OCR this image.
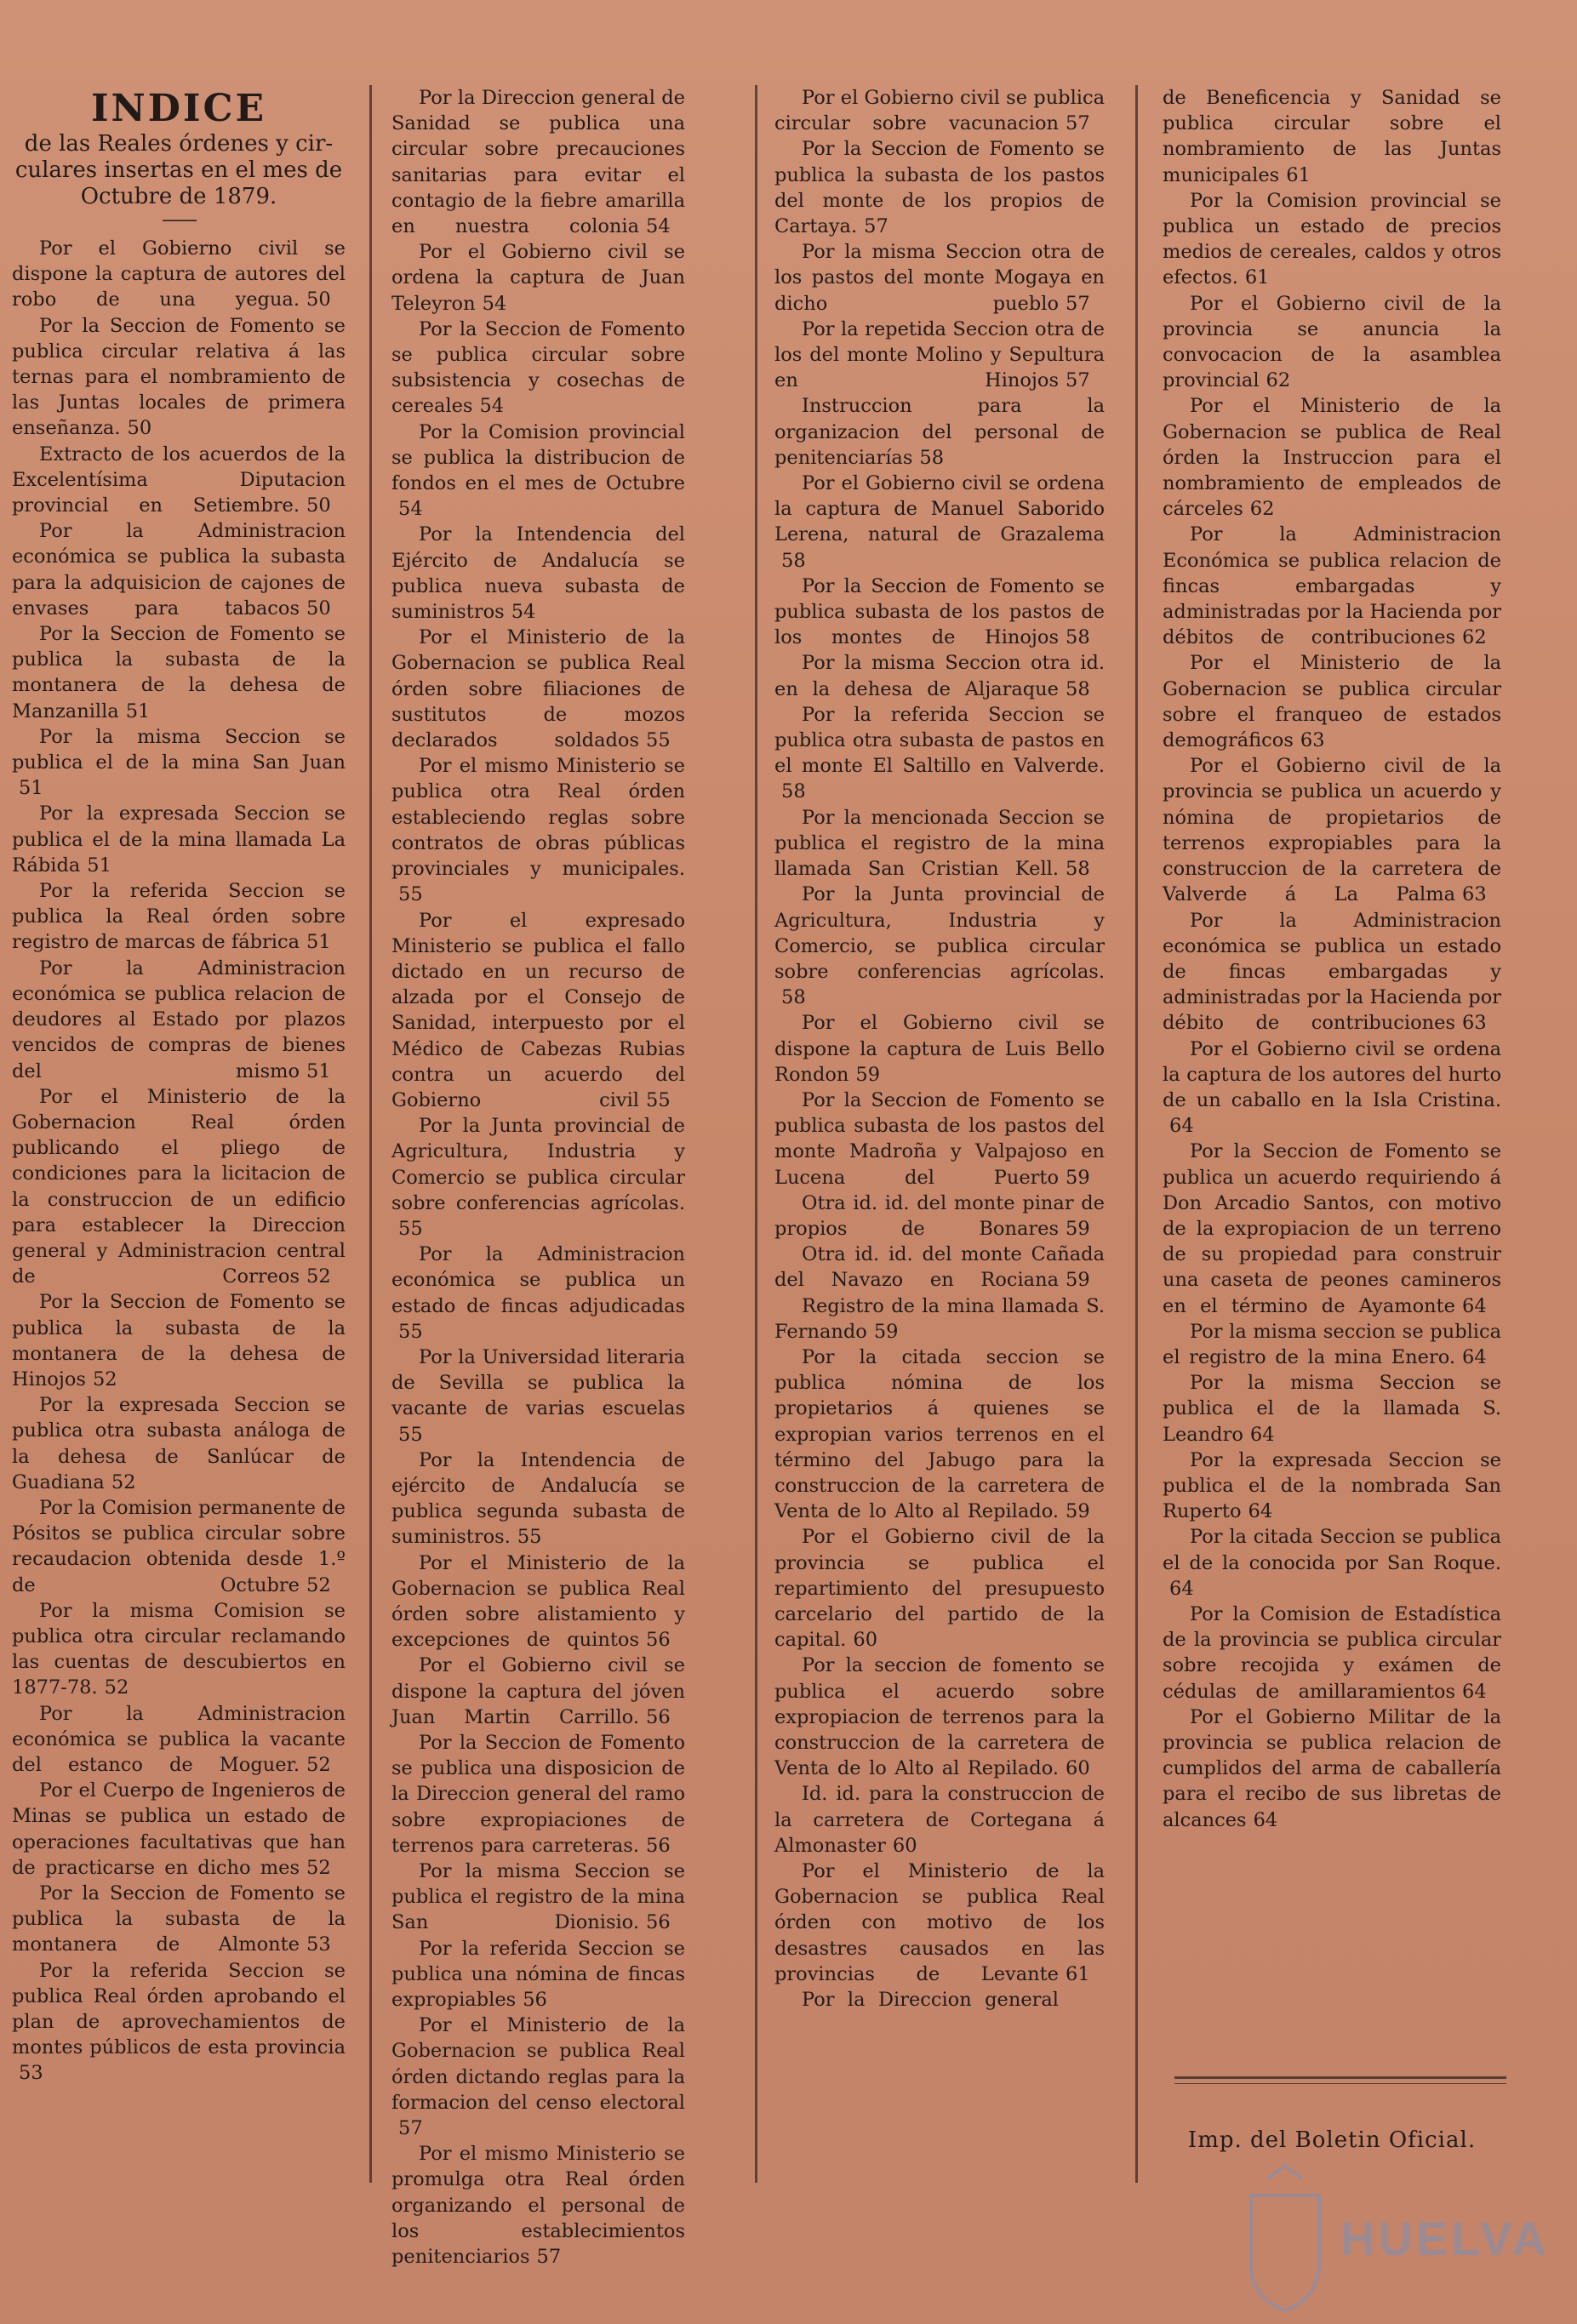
INDICE
de las Reales órdenes y cir-
culares insertas en el mes de
Octubre de 1879.
——
Por el Gobierno civil se dispone la captura de autores del robo de una yegua. 50
Por la Seccion de Fomento se publica circular relativa á las ternas para el nombramiento de las Juntas locales de primera enseñanza. 50
Extracto de los acuerdos de la Excelentísima Diputacion provincial en Setiembre. 50
Por la Administracion económica se publica la subasta para la adquisicion de cajones de envases para tabacos 50
Por la Seccion de Fomento se publica la subasta de la montanera de la dehesa de Manzanilla 51
Por la misma Seccion se publica el de la mina San Juan51
Por la expresada Seccion se publica el de la mina llamada La Rábida 51
Por la referida Seccion se publica la Real órden sobre registro de marcas de fábrica 51
Por la Administracion económica se publica relacion de deudores al Estado por plazos vencidos de compras de bienes del mismo 51
Por el Ministerio de la Gobernacion Real órden publicando el pliego de condiciones para la licitacion de la construccion de un edificio para establecer la Direccion general y Administracion central de Correos 52
Por la Seccion de Fomento se publica la subasta de la montanera de la dehesa de Hinojos 52
Por la expresada Seccion se publica otra subasta análoga de la dehesa de Sanlúcar de Guadiana 52
Por la Comision permanente de Pósitos se publica circular sobre recaudacion obtenida desde 1.º de Octubre 52
Por la misma Comision se publica otra circular reclamando las cuentas de descubiertos en 1877-78. 52
Por la Administracion económica se publica la vacante del estanco de Moguer. 52
Por el Cuerpo de Ingenieros de Minas se publica un estado de operaciones facultativas que han de practicarse en dicho mes 52
Por la Seccion de Fomento se publica la subasta de la montanera de Almonte 53
Por la referida Seccion se publica Real órden aprobando el plan de aprovechamientos de montes públicos de esta provincia53
Por la Direccion general de Sanidad se publica una circular sobre precauciones sanitarias para evitar el contagio de la fiebre amarilla en nuestra colonia 54
Por el Gobierno civil se ordena la captura de Juan Teleyron 54
Por la Seccion de Fomento se publica circular sobre subsistencia y cosechas de cereales 54
Por la Comision provincial se publica la distribucion de fondos en el mes de Octubre54
Por la Intendencia del Ejército de Andalucía se publica nueva subasta de suministros 54
Por el Ministerio de la Gobernacion se publica Real órden sobre filiaciones de sustitutos de mozos declarados soldados 55
Por el mismo Ministerio se publica otra Real órden estableciendo reglas sobre contratos de obras públicas provinciales y municipales.55
Por el expresado Ministerio se publica el fallo dictado en un recurso de alzada por el Consejo de Sanidad, interpuesto por el Médico de Cabezas Rubias contra un acuerdo del Gobierno civil 55
Por la Junta provincial de Agricultura, Industria y Comercio se publica circular sobre conferencias agrícolas.55
Por la Administracion económica se publica un estado de fincas adjudicadas55
Por la Universidad literaria de Sevilla se publica la vacante de varias escuelas55
Por la Intendencia de ejército de Andalucía se publica segunda subasta de suministros. 55
Por el Ministerio de la Gobernacion se publica Real órden sobre alistamiento y excepciones de quintos 56
Por el Gobierno civil se dispone la captura del jóven Juan Martin Carrillo. 56
Por la Seccion de Fomento se publica una disposicion de la Direccion general del ramo sobre expropiaciones de terrenos para carreteras. 56
Por la misma Seccion se publica el registro de la mina San Dionisio. 56
Por la referida Seccion se publica una nómina de fincas expropiables 56
Por el Ministerio de la Gobernacion se publica Real órden dictando reglas para la formacion del censo electoral57
Por el mismo Ministerio se promulga otra Real órden organizando el personal de los establecimientos penitenciarios 57
Por el Gobierno civil se publica circular sobre vacunacion 57
Por la Seccion de Fomento se publica la subasta de los pastos del monte de los propios de Cartaya. 57
Por la misma Seccion otra de los pastos del monte Mogaya en dicho pueblo 57
Por la repetida Seccion otra de los del monte Molino y Sepultura en Hinojos 57
Instruccion para la organizacion del personal de penitenciarías 58
Por el Gobierno civil se ordena la captura de Manuel Saborido Lerena, natural de Grazalema58
Por la Seccion de Fomento se publica subasta de los pastos de los montes de Hinojos 58
Por la misma Seccion otra id. en la dehesa de Aljaraque 58
Por la referida Seccion se publica otra subasta de pastos en el monte El Saltillo en Valverde.58
Por la mencionada Seccion se publica el registro de la mina llamada San Cristian Kell. 58
Por la Junta provincial de Agricultura, Industria y Comercio, se publica circular sobre conferencias agrícolas.58
Por el Gobierno civil se dispone la captura de Luis Bello Rondon 59
Por la Seccion de Fomento se publica subasta de los pastos del monte Madroña y Valpajoso en Lucena del Puerto 59
Otra id. id. del monte pinar de propios de Bonares 59
Otra id. id. del monte Cañada del Navazo en Rociana 59
Registro de la mina llamada S. Fernando 59
Por la citada seccion se publica nómina de los propietarios á quienes se expropian varios terrenos en el término del Jabugo para la construccion de la carretera de Venta de lo Alto al Repilado. 59
Por el Gobierno civil de la provincia se publica el repartimiento del presupuesto carcelario del partido de la capital. 60
Por la seccion de fomento se publica el acuerdo sobre expropiacion de terrenos para la construccion de la carretera de Venta de lo Alto al Repilado. 60
Id. id. para la construccion de la carretera de Cortegana á Almonaster 60
Por el Ministerio de la Gobernacion se publica Real órden con motivo de los desastres causados en las provincias de Levante 61
Por la Direccion general
de Beneficencia y Sanidad se publica circular sobre el nombramiento de las Juntas municipales 61
Por la Comision provincial se publica un estado de precios medios de cereales, caldos y otros efectos. 61
Por el Gobierno civil de la provincia se anuncia la convocacion de la asamblea provincial 62
Por el Ministerio de la Gobernacion se publica de Real órden la Instruccion para el nombramiento de empleados de cárceles 62
Por la Administracion Económica se publica relacion de fincas embargadas y administradas por la Hacienda por débitos de contribuciones 62
Por el Ministerio de la Gobernacion se publica circular sobre el franqueo de estados demográficos 63
Por el Gobierno civil de la provincia se publica un acuerdo y nómina de propietarios de terrenos expropiables para la construccion de la carretera de Valverde á La Palma 63
Por la Administracion económica se publica un estado de fincas embargadas y administradas por la Hacienda por débito de contribuciones 63
Por el Gobierno civil se ordena la captura de los autores del hurto de un caballo en la Isla Cristina.64
Por la Seccion de Fomento se publica un acuerdo requiriendo á Don Arcadio Santos, con motivo de la expropiacion de un terreno de su propiedad para construir una caseta de peones camineros en el término de Ayamonte 64
Por la misma seccion se publica el registro de la mina Enero. 64
Por la misma Seccion se publica el de la llamada S. Leandro 64
Por la expresada Seccion se publica el de la nombrada San Ruperto 64
Por la citada Seccion se publica el de la conocida por San Roque.64
Por la Comision de Estadística de la provincia se publica circular sobre recojida y exámen de cédulas de amillaramientos 64
Por el Gobierno Militar de la provincia se publica relacion de cumplidos del arma de caballería para el recibo de sus libretas de alcances 64
Imp. del Boletin Oficial.
HUELVA
